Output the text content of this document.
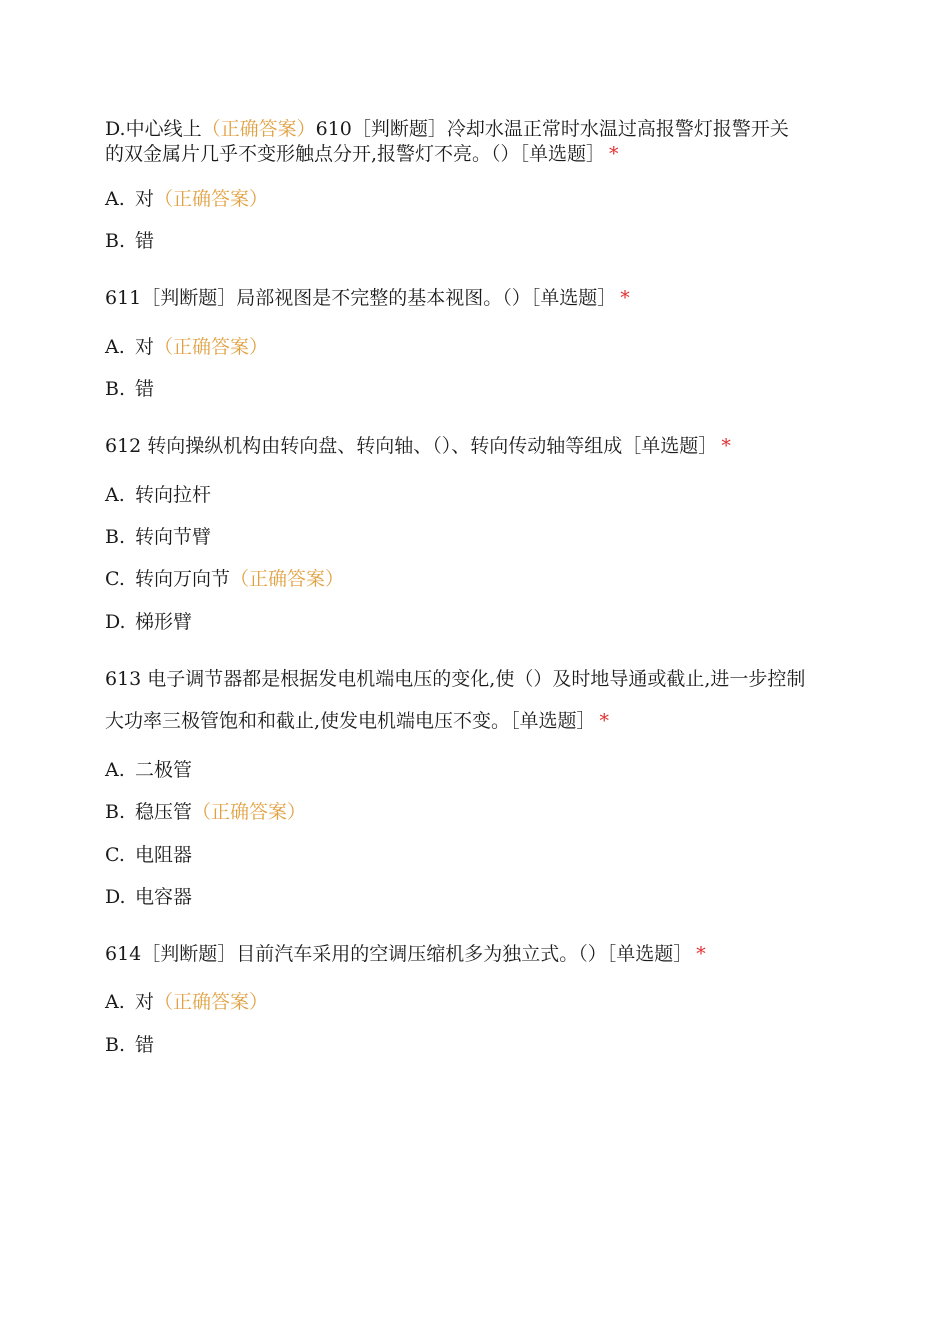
D.中心线上（正确答案）610［判断题］冷却水温正常时水温过高报警灯报警开关
的双金属片几乎不变形触点分开,报警灯不亮。（）［单选题］ *
A. 对（正确答案）
B. 错
611［判断题］局部视图是不完整的基本视图。（）［单选题］ *
A. 对（正确答案）
B. 错
612 转向操纵机构由转向盘、转向轴、（）、转向传动轴等组成［单选题］ *
A. 转向拉杆
B. 转向节臂
C. 转向万向节（正确答案）
D. 梯形臂
613 电子调节器都是根据发电机端电压的变化,使（）及时地导通或截止,进一步控制
大功率三极管饱和和截止,使发电机端电压不变。［单选题］ *
A. 二极管
B. 稳压管（正确答案）
C. 电阻器
D. 电容器
614［判断题］目前汽车采用的空调压缩机多为独立式。（）［单选题］ *
A. 对（正确答案）
B. 错
